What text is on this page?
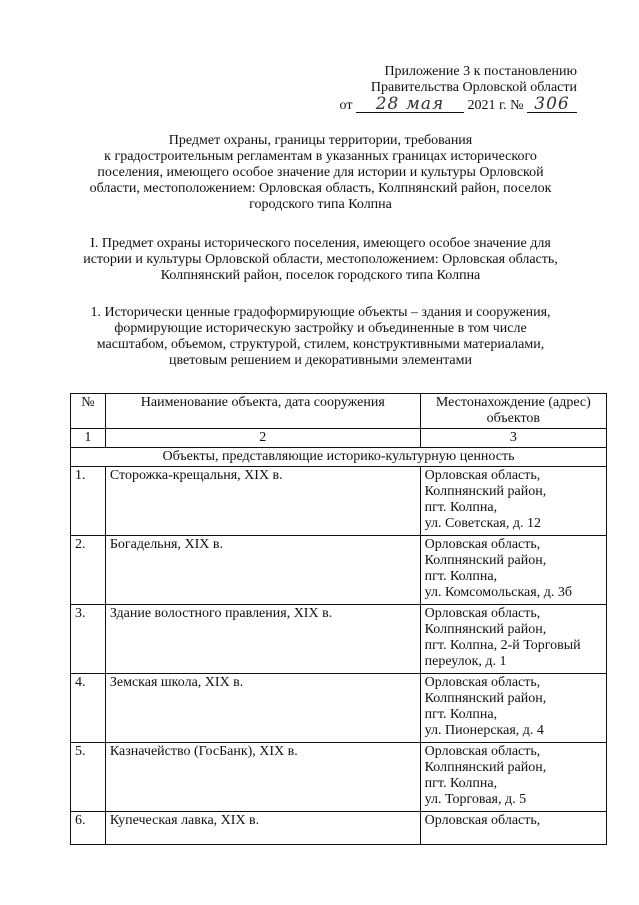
Приложение 3 к постановлению
Правительства Орловской области
от 28 мая 2021 г. № 306
Предмет охраны, границы территории, требования
к градостроительным регламентам в указанных границах исторического
поселения, имеющего особое значение для истории и культуры Орловской
области, местоположением: Орловская область, Колпнянский район, поселок
городского типа Колпна
I. Предмет охраны исторического поселения, имеющего особое значение для
истории и культуры Орловской области, местоположением: Орловская область,
Колпнянский район, поселок городского типа Колпна
1. Исторически ценные градоформирующие объекты – здания и сооружения,
формирующие историческую застройку и объединенные в том числе
масштабом, объемом, структурой, стилем, конструктивными материалами,
цветовым решением и декоративными элементами
№	Наименование объекта, дата сооружения	Местонахождение (адрес) объектов
1	2	3
Объекты, представляющие историко-культурную ценность		
1.	Сторожка-крещальня, XIX в.	Орловская область,
Колпнянский район,
пгт. Колпна,
ул. Советская, д. 12

2.	Богадельня, XIX в.	Орловская область,
Колпнянский район,
пгт. Колпна,
ул. Комсомольская, д. 3б

3.	Здание волостного правления, XIX в.	Орловская область,
Колпнянский район,
пгт. Колпна, 2-й Торговый
переулок, д. 1

4.	Земская школа, XIX в.	Орловская область,
Колпнянский район,
пгт. Колпна,
ул. Пионерская, д. 4

5.	Казначейство (ГосБанк), XIX в.	Орловская область,
Колпнянский район,
пгт. Колпна,
ул. Торговая, д. 5

6.	Купеческая лавка, XIX в.	Орловская область,
